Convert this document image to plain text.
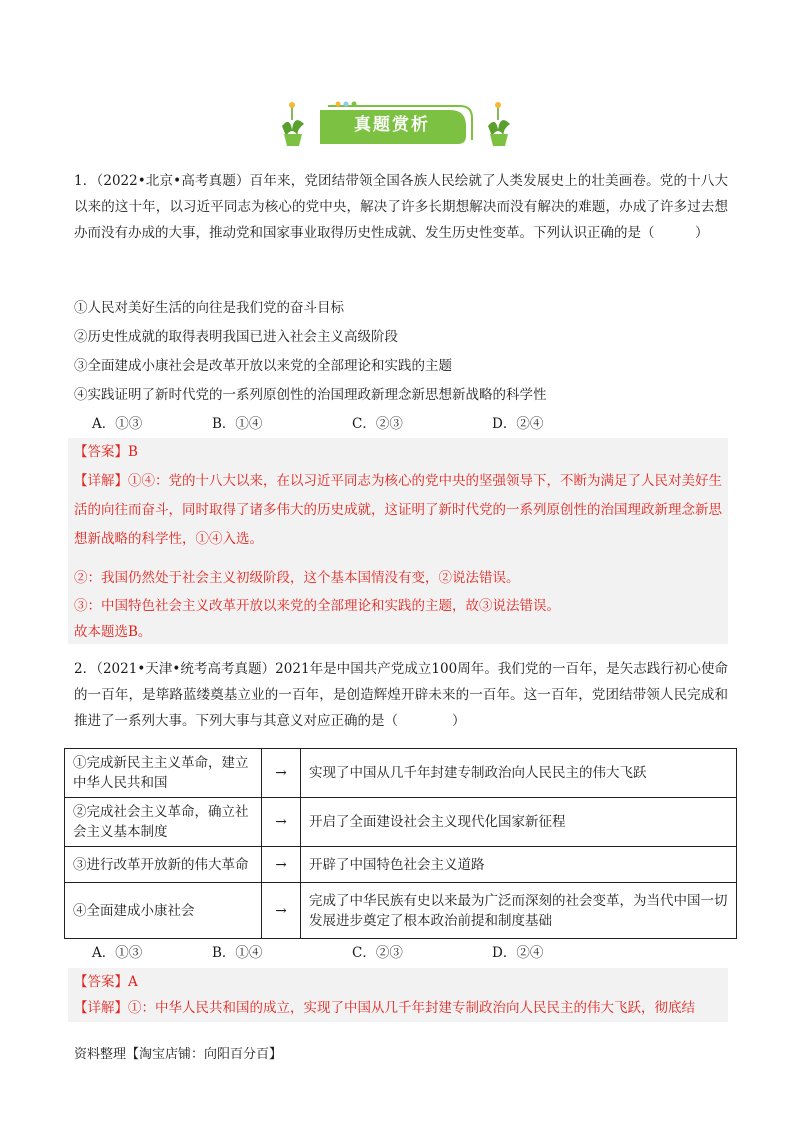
真题赏析
1．（2022•北京•高考真题）百年来，党团结带领全国各族人民绘就了人类发展史上的壮美画卷。党的十八大以来的这十年，以习近平同志为核心的党中央，解决了许多长期想解决而没有解决的难题，办成了许多过去想办而没有办成的大事，推动党和国家事业取得历史性成就、发生历史性变革。下列认识正确的是（　　　）
①人民对美好生活的向往是我们党的奋斗目标
②历史性成就的取得表明我国已进入社会主义高级阶段
③全面建成小康社会是改革开放以来党的全部理论和实践的主题
④实践证明了新时代党的一系列原创性的治国理政新理念新思想新战略的科学性
A．①③	B．①④	C．②③	D．②④
【答案】B
【详解】①④：党的十八大以来，在以习近平同志为核心的党中央的坚强领导下，不断为满足了人民对美好生活的向往而奋斗，同时取得了诸多伟大的历史成就，这证明了新时代党的一系列原创性的治国理政新理念新思想新战略的科学性，①④入选。
②：我国仍然处于社会主义初级阶段，这个基本国情没有变，②说法错误。
③：中国特色社会主义改革开放以来党的全部理论和实践的主题，故③说法错误。
故本题选B。
2．（2021•天津•统考高考真题）2021年是中国共产党成立100周年。我们党的一百年，是矢志践行初心使命的一百年，是筚路蓝缕奠基立业的一百年，是创造辉煌开辟未来的一百年。这一百年，党团结带领人民完成和推进了一系列大事。下列大事与其意义对应正确的是（　　　　）
①完成新民主主义革命，建立中华人民共和国	→	实现了中国从几千年封建专制政治向人民民主的伟大飞跃
②完成社会主义革命，确立社会主义基本制度	→	开启了全面建设社会主义现代化国家新征程
③进行改革开放新的伟大革命	→	开辟了中国特色社会主义道路
④全面建成小康社会	→	完成了中华民族有史以来最为广泛而深刻的社会变革，为当代中国一切发展进步奠定了根本政治前提和制度基础
A．①③	B．①④	C．②③	D．②④
【答案】A
【详解】①：中华人民共和国的成立，实现了中国从几千年封建专制政治向人民民主的伟大飞跃，彻底结
资料整理【淘宝店铺：向阳百分百】
